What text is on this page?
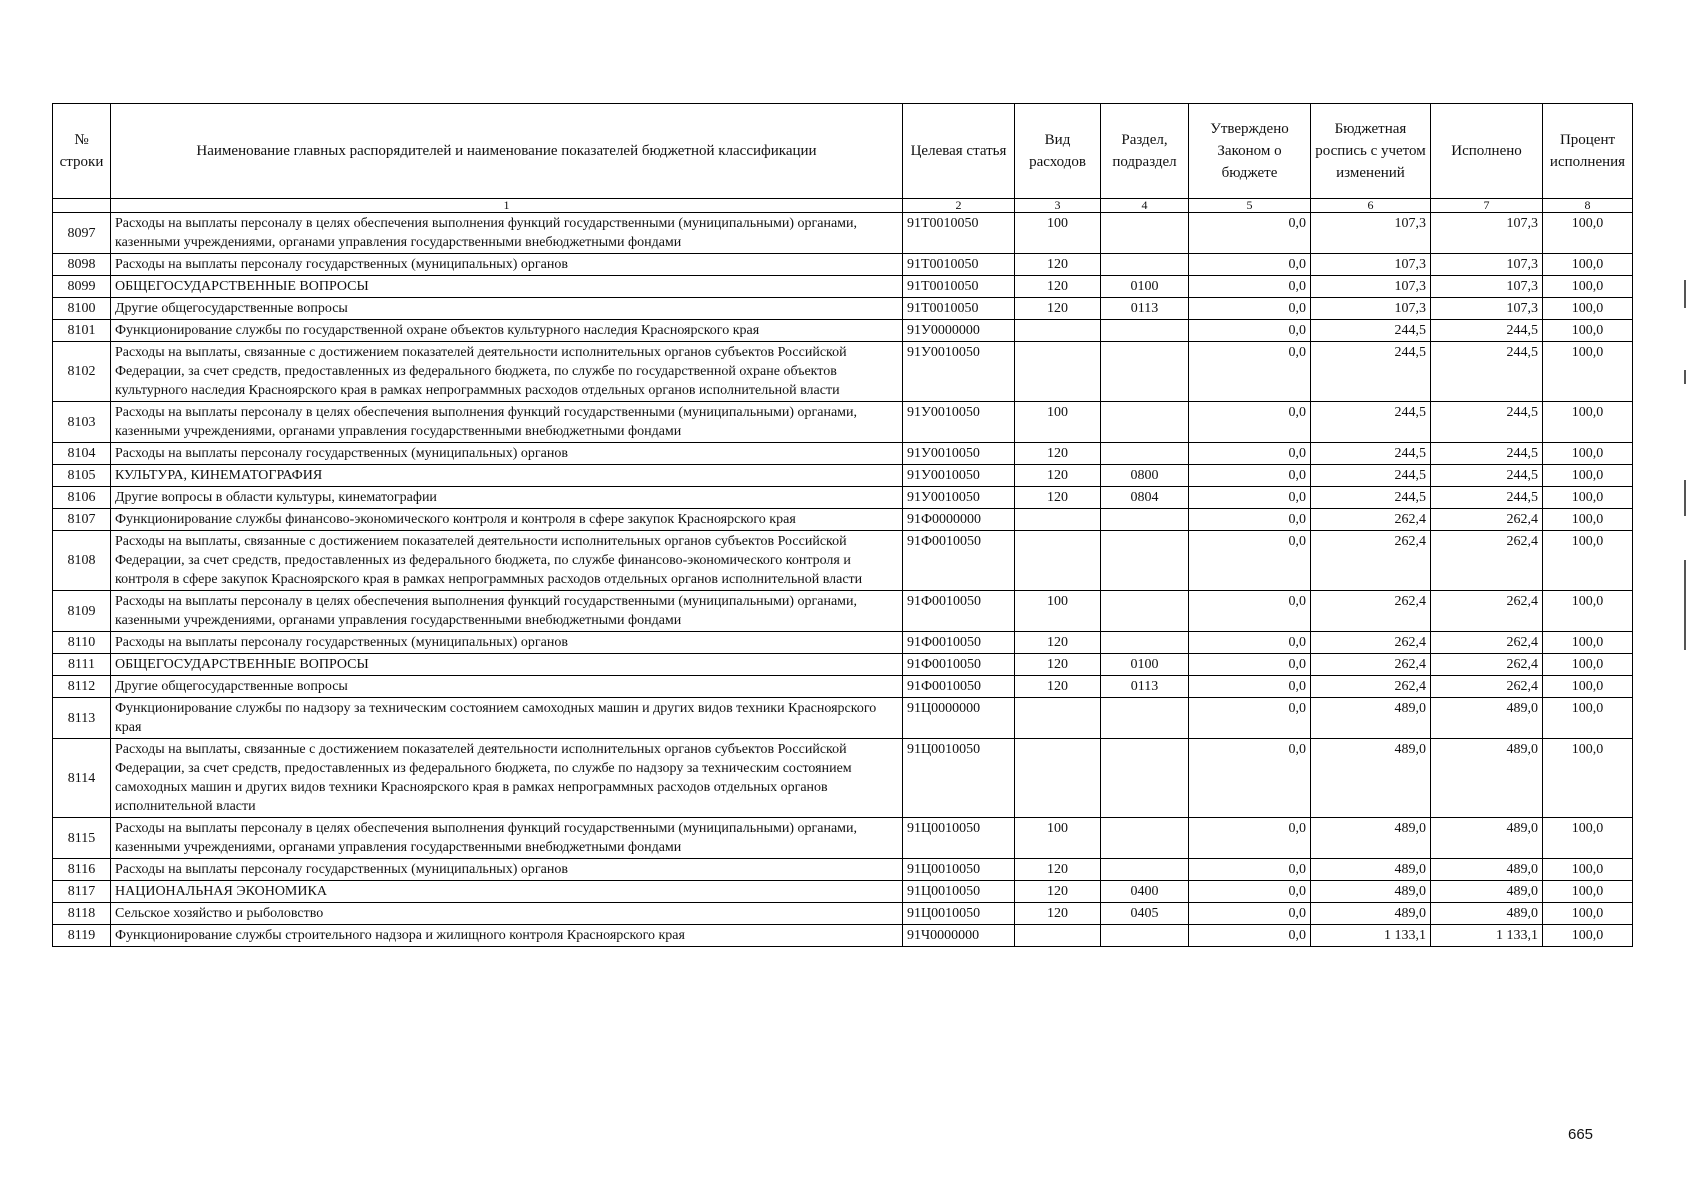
№ строки	Наименование главных распорядителей и наименование показателей бюджетной классификации	Целевая статья	Вид расходов	Раздел, подраздел	Утверждено Законом о бюджете	Бюджетная роспись с учетом изменений	Исполнено	Процент исполнения
	1	2	3	4	5	6	7	8
8097	Расходы на выплаты персоналу в целях обеспечения выполнения функций государственными (муниципальными) органами, казенными учреждениями, органами управления государственными внебюджетными фондами	91Т0010050	100		0,0	107,3	107,3	100,0
8098	Расходы на выплаты персоналу государственных (муниципальных) органов	91Т0010050	120		0,0	107,3	107,3	100,0
8099	ОБЩЕГОСУДАРСТВЕННЫЕ ВОПРОСЫ	91Т0010050	120	0100	0,0	107,3	107,3	100,0
8100	Другие общегосударственные вопросы	91Т0010050	120	0113	0,0	107,3	107,3	100,0
8101	Функционирование службы по государственной охране объектов культурного наследия Красноярского края	91У0000000			0,0	244,5	244,5	100,0
8102	Расходы на выплаты, связанные с достижением показателей деятельности исполнительных органов субъектов Российской Федерации, за счет средств, предоставленных из федерального бюджета, по службе по государственной охране объектов культурного наследия Красноярского края в рамках непрограммных расходов отдельных органов исполнительной власти	91У0010050			0,0	244,5	244,5	100,0
8103	Расходы на выплаты персоналу в целях обеспечения выполнения функций государственными (муниципальными) органами, казенными учреждениями, органами управления государственными внебюджетными фондами	91У0010050	100		0,0	244,5	244,5	100,0
8104	Расходы на выплаты персоналу государственных (муниципальных) органов	91У0010050	120		0,0	244,5	244,5	100,0
8105	КУЛЬТУРА, КИНЕМАТОГРАФИЯ	91У0010050	120	0800	0,0	244,5	244,5	100,0
8106	Другие вопросы в области культуры, кинематографии	91У0010050	120	0804	0,0	244,5	244,5	100,0
8107	Функционирование службы финансово-экономического контроля и контроля в сфере закупок Красноярского края	91Ф0000000			0,0	262,4	262,4	100,0
8108	Расходы на выплаты, связанные с достижением показателей деятельности исполнительных органов субъектов Российской Федерации, за счет средств, предоставленных из федерального бюджета, по службе финансово-экономического контроля и контроля в сфере закупок Красноярского края в рамках непрограммных расходов отдельных органов исполнительной власти	91Ф0010050			0,0	262,4	262,4	100,0
8109	Расходы на выплаты персоналу в целях обеспечения выполнения функций государственными (муниципальными) органами, казенными учреждениями, органами управления государственными внебюджетными фондами	91Ф0010050	100		0,0	262,4	262,4	100,0
8110	Расходы на выплаты персоналу государственных (муниципальных) органов	91Ф0010050	120		0,0	262,4	262,4	100,0
8111	ОБЩЕГОСУДАРСТВЕННЫЕ ВОПРОСЫ	91Ф0010050	120	0100	0,0	262,4	262,4	100,0
8112	Другие общегосударственные вопросы	91Ф0010050	120	0113	0,0	262,4	262,4	100,0
8113	Функционирование службы по надзору за техническим состоянием самоходных машин и других видов техники Красноярского края	91Ц0000000			0,0	489,0	489,0	100,0
8114	Расходы на выплаты, связанные с достижением показателей деятельности исполнительных органов субъектов Российской Федерации, за счет средств, предоставленных из федерального бюджета, по службе по надзору за техническим состоянием самоходных машин и других видов техники Красноярского края в рамках непрограммных расходов отдельных органов исполнительной власти	91Ц0010050			0,0	489,0	489,0	100,0
8115	Расходы на выплаты персоналу в целях обеспечения выполнения функций государственными (муниципальными) органами, казенными учреждениями, органами управления государственными внебюджетными фондами	91Ц0010050	100		0,0	489,0	489,0	100,0
8116	Расходы на выплаты персоналу государственных (муниципальных) органов	91Ц0010050	120		0,0	489,0	489,0	100,0
8117	НАЦИОНАЛЬНАЯ ЭКОНОМИКА	91Ц0010050	120	0400	0,0	489,0	489,0	100,0
8118	Сельское хозяйство и рыболовство	91Ц0010050	120	0405	0,0	489,0	489,0	100,0
8119	Функционирование службы строительного надзора и жилищного контроля Красноярского края	91Ч0000000			0,0	1 133,1	1 133,1	100,0
665
